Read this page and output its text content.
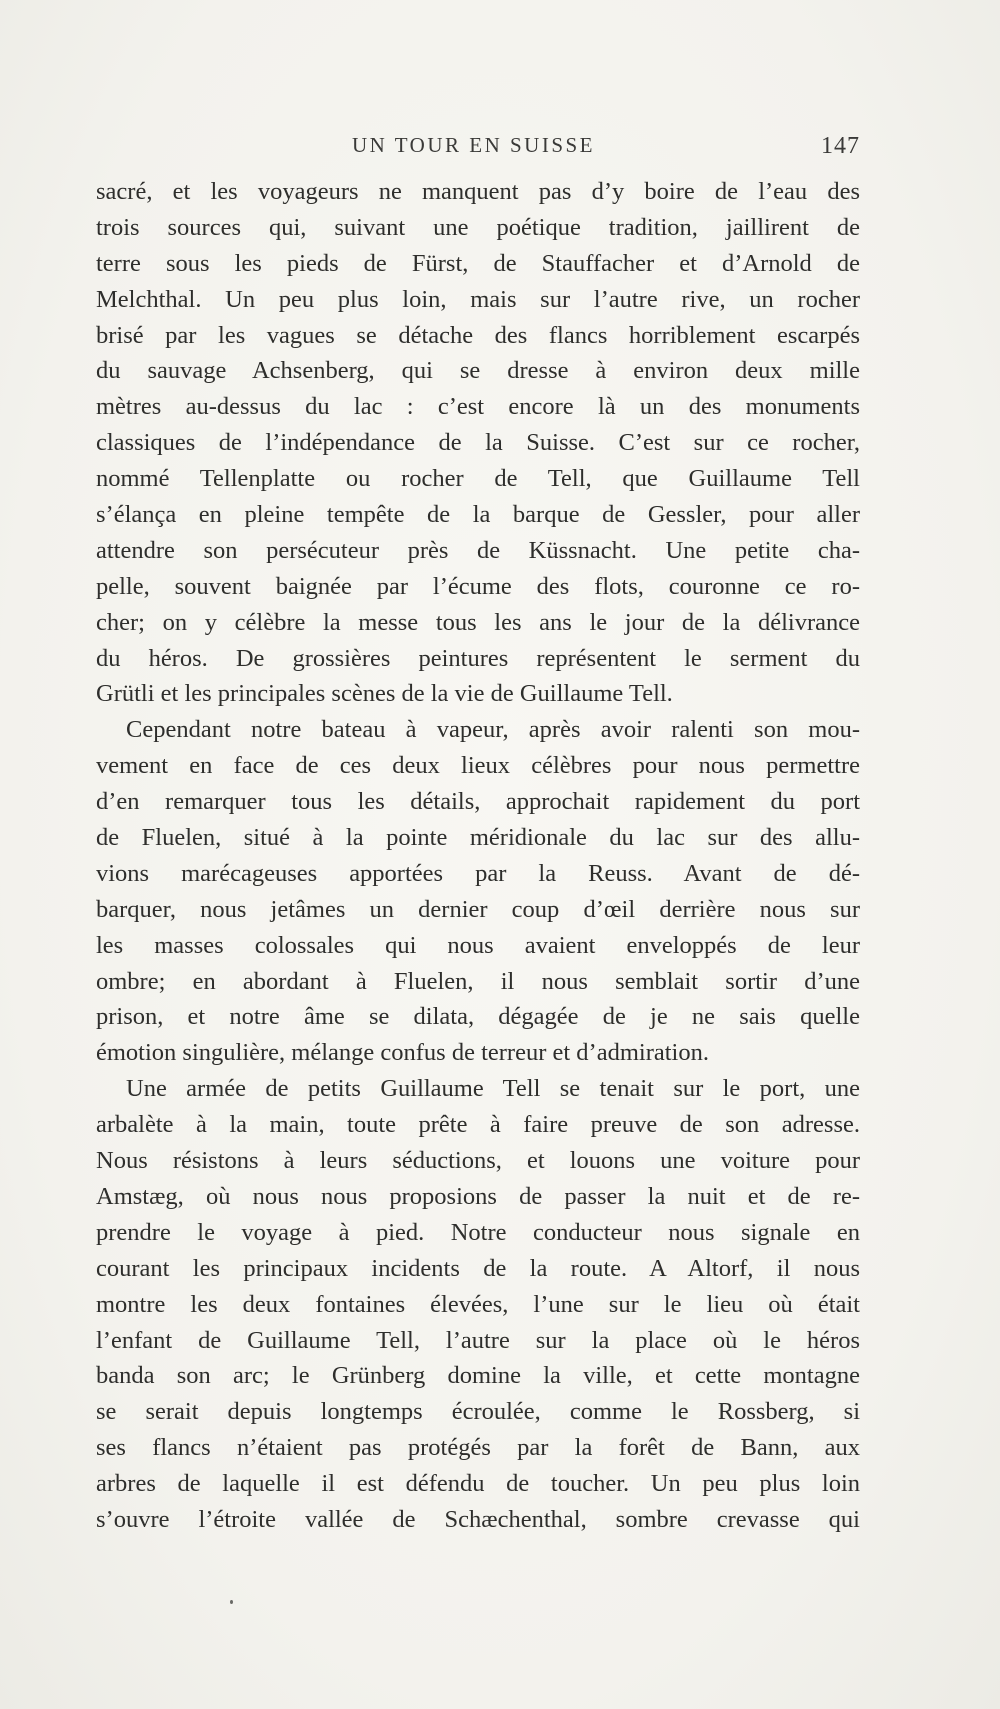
UN TOUR EN SUISSE	147
sacré, et les voyageurs ne manquent pas d’y boire de l’eau des
trois sources qui, suivant une poétique tradition, jaillirent de
terre sous les pieds de Fürst, de Stauffacher et d’Arnold de
Melchthal. Un peu plus loin, mais sur l’autre rive, un rocher
brisé par les vagues se détache des flancs horriblement escarpés
du sauvage Achsenberg, qui se dresse à environ deux mille
mètres au-dessus du lac : c’est encore là un des monuments
classiques de l’indépendance de la Suisse. C’est sur ce rocher,
nommé Tellenplatte ou rocher de Tell, que Guillaume Tell
s’élança en pleine tempête de la barque de Gessler, pour aller
attendre son persécuteur près de Küssnacht. Une petite cha-
pelle, souvent baignée par l’écume des flots, couronne ce ro-
cher; on y célèbre la messe tous les ans le jour de la délivrance
du héros. De grossières peintures représentent le serment du
Grütli et les principales scènes de la vie de Guillaume Tell.
Cependant notre bateau à vapeur, après avoir ralenti son mou-
vement en face de ces deux lieux célèbres pour nous permettre
d’en remarquer tous les détails, approchait rapidement du port
de Fluelen, situé à la pointe méridionale du lac sur des allu-
vions marécageuses apportées par la Reuss. Avant de dé-
barquer, nous jetâmes un dernier coup d’œil derrière nous sur
les masses colossales qui nous avaient enveloppés de leur
ombre; en abordant à Fluelen, il nous semblait sortir d’une
prison, et notre âme se dilata, dégagée de je ne sais quelle
émotion singulière, mélange confus de terreur et d’admiration.
Une armée de petits Guillaume Tell se tenait sur le port, une
arbalète à la main, toute prête à faire preuve de son adresse.
Nous résistons à leurs séductions, et louons une voiture pour
Amstæg, où nous nous proposions de passer la nuit et de re-
prendre le voyage à pied. Notre conducteur nous signale en
courant les principaux incidents de la route. A Altorf, il nous
montre les deux fontaines élevées, l’une sur le lieu où était
l’enfant de Guillaume Tell, l’autre sur la place où le héros
banda son arc; le Grünberg domine la ville, et cette montagne
se serait depuis longtemps écroulée, comme le Rossberg, si
ses flancs n’étaient pas protégés par la forêt de Bann, aux
arbres de laquelle il est défendu de toucher. Un peu plus loin
s’ouvre l’étroite vallée de Schæchenthal, sombre crevasse qui
